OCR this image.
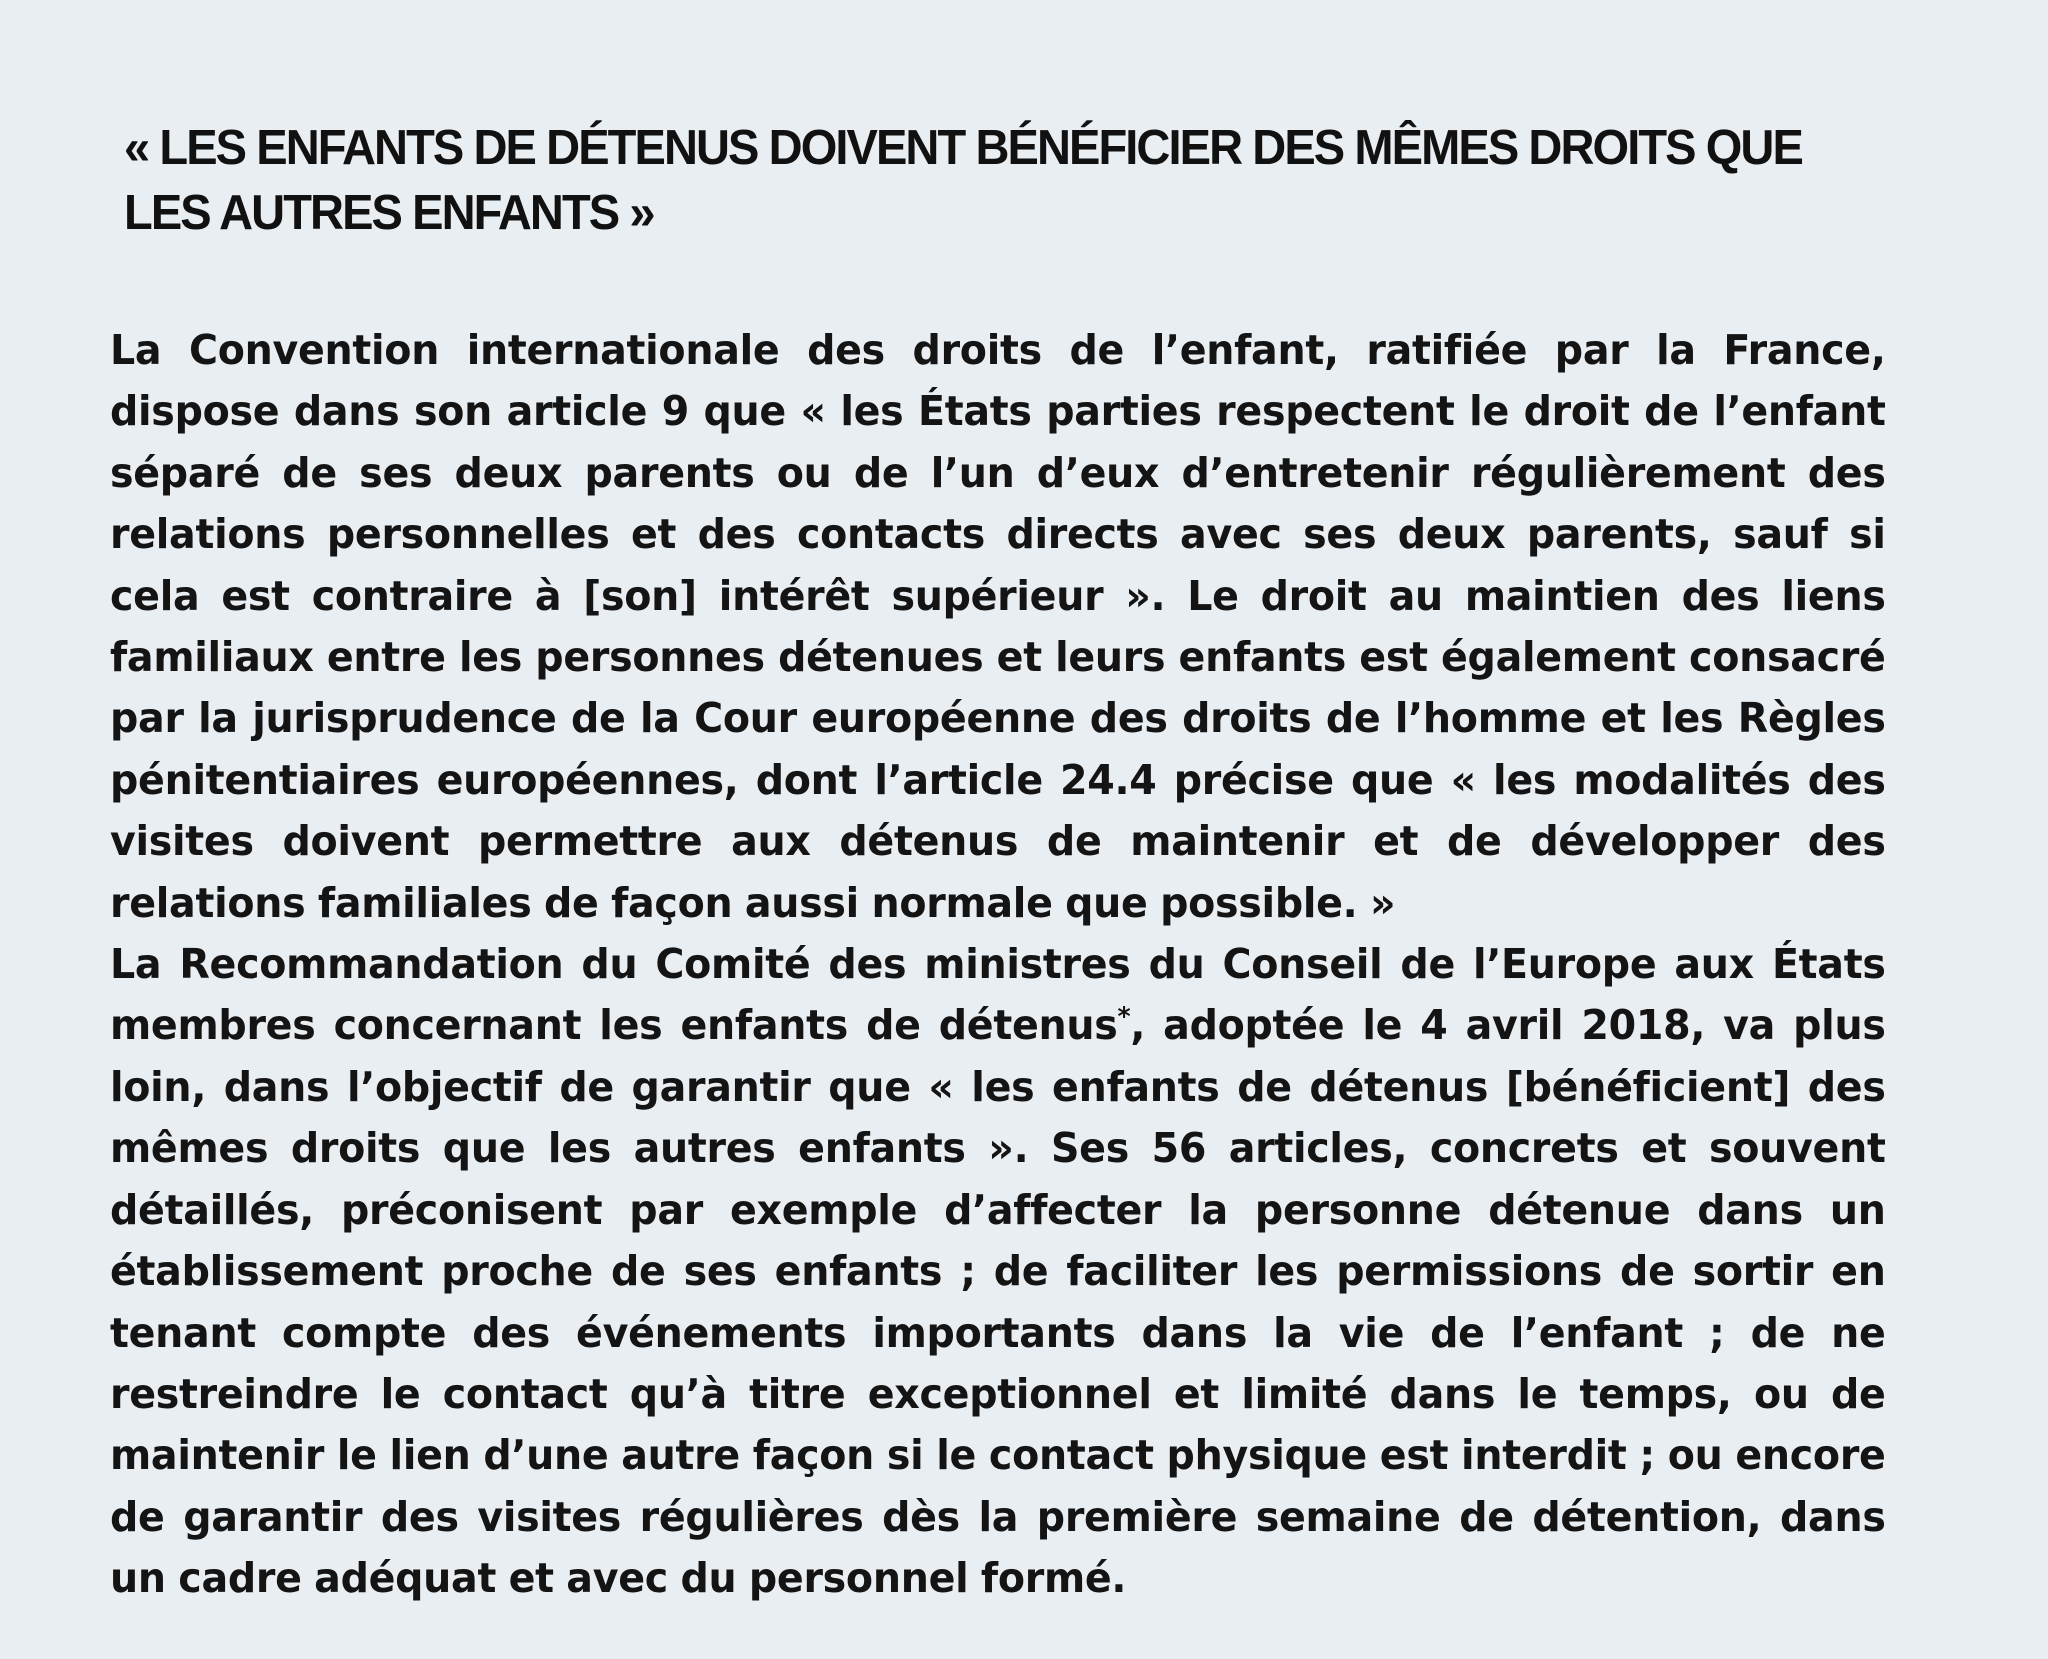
« LES ENFANTS DE DÉTENUS DOIVENT BÉNÉFICIER DES MÊMES DROITS QUE LES AUTRES ENFANTS »

La Convention internationale des droits de l’enfant, ratifiée par la France, dispose dans son article 9 que « les États parties respectent le droit de l’enfant séparé de ses deux parents ou de l’un d’eux d’entretenir régulièrement des relations personnelles et des contacts directs avec ses deux parents, sauf si cela est contraire à [son] intérêt supérieur ». Le droit au maintien des liens familiaux entre les personnes détenues et leurs enfants est également consacré par la jurisprudence de la Cour européenne des droits de l’homme et les Règles pénitentiaires européennes, dont l’article 24.4 précise que « les modalités des visites doivent permettre aux détenus de maintenir et de développer des relations familiales de façon aussi normale que possible. »

La Recommandation du Comité des ministres du Conseil de l’Europe aux États membres concernant les enfants de détenus*, adoptée le 4 avril 2018, va plus loin, dans l’objectif de garantir que « les enfants de détenus [bénéficient] des mêmes droits que les autres enfants ». Ses 56 articles, concrets et souvent détaillés, préconisent par exemple d’affecter la personne détenue dans un établissement proche de ses enfants ; de faciliter les permissions de sortir en tenant compte des événements importants dans la vie de l’enfant ; de ne restreindre le contact qu’à titre exceptionnel et limité dans le temps, ou de maintenir le lien d’une autre façon si le contact physique est interdit ; ou encore de garantir des visites régulières dès la première semaine de détention, dans un cadre adéquat et avec du personnel formé.
